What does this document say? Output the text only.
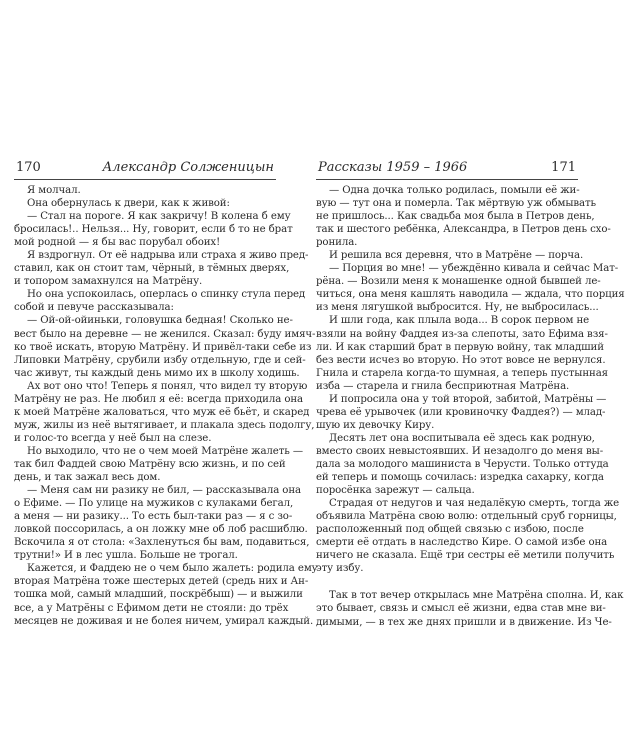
170	Александр Солженицын
Я молчал.
Она обернулась к двери, как к живой:
— Стал на пороге. Я как закричу! В колена б ему
бросилась!.. Нельзя... Ну, говорит, если б то не брат
мой родной — я бы вас порубал обоих!
Я вздрогнул. От её надрыва или страха я живо пред-
ставил, как он стоит там, чёрный, в тёмных дверях,
и топором замахнулся на Матрёну.
Но она успокоилась, оперлась о спинку стула перед
собой и певуче рассказывала:
— Ой-ой-ойиньки, головушка бедная! Сколько не-
вест было на деревне — не женился. Сказал: буду имяч-
ко твоё искать, вторую Матрёну. И привёл-таки себе из
Липовки Матрёну, срубили избу отдельную, где и сей-
час живут, ты каждый день мимо их в школу ходишь.
Ах вот оно что! Теперь я понял, что видел ту вторую
Матрёну не раз. Не любил я её: всегда приходила она
к моей Матрёне жаловаться, что муж её бьёт, и скаред
муж, жилы из неё вытягивает, и плакала здесь подолгу,
и голос-то всегда у неё был на слезе.
Но выходило, что не о чем моей Матрёне жалеть —
так бил Фаддей свою Матрёну всю жизнь, и по сей
день, и так зажал весь дом.
— Меня сам ни разику не бил, — рассказывала она
о Ефиме. — По улице на мужиков с кулаками бегал,
а меня — ни разику... То есть был-таки раз — я с зо-
ловкой поссорилась, а он ложку мне об лоб расшиблю.
Вскочила я от стола: «Захленуться бы вам, подавиться,
трутни!» И в лес ушла. Больше не трогал.
Кажется, и Фаддею не о чем было жалеть: родила ему
вторая Матрёна тоже шестерых детей (средь них и Ан-
тошка мой, самый младший, поскрёбыш) — и выжили
все, а у Матрёны с Ефимом дети не стояли: до трёх
месяцев не доживая и не болея ничем, умирал каждый.
Рассказы 1959 – 1966	171
— Одна дочка только родилась, помыли её жи-
вую — тут она и померла. Так мёртвую уж обмывать
не пришлось... Как свадьба моя была в Петров день,
так и шестого ребёнка, Александра, в Петров день схо-
ронила.
И решила вся деревня, что в Матрёне — порча.
— Порция во мне! — убеждённо кивала и сейчас Мат-
рёна. — Возили меня к монашенке одной бывшей ле-
читься, она меня кашлять наводила — ждала, что порция
из меня лягушкой выбросится. Ну, не выбросилась...
И шли года, как плыла вода... В сорок первом не
взяли на войну Фаддея из-за слепоты, зато Ефима взя-
ли. И как старший брат в первую войну, так младший
без вести исчез во вторую. Но этот вовсе не вернулся.
Гнила и старела когда-то шумная, а теперь пустынная
изба — старела и гнила бесприютная Матрёна.
И попросила она у той второй, забитой, Матрёны —
чрева её урывочек (или кровиночку Фаддея?) — млад-
шую их девочку Киру.
Десять лет она воспитывала её здесь как родную,
вместо своих невыстоявших. И незадолго до меня вы-
дала за молодого машиниста в Черусти. Только оттуда
ей теперь и помощь сочилась: изредка сахарку, когда
поросёнка зарежут — сальца.
Страдая от недугов и чая недалёкую смерть, тогда же
объявила Матрёна свою волю: отдельный сруб горницы,
расположенный под общей связью с избою, после
смерти её отдать в наследство Кире. О самой избе она
ничего не сказала. Ещё три сестры её метили получить
эту избу.
Так в тот вечер открылась мне Матрёна сполна. И, как
это бывает, связь и смысл её жизни, едва став мне ви-
димыми, — в тех же днях пришли и в движение. Из Че-
